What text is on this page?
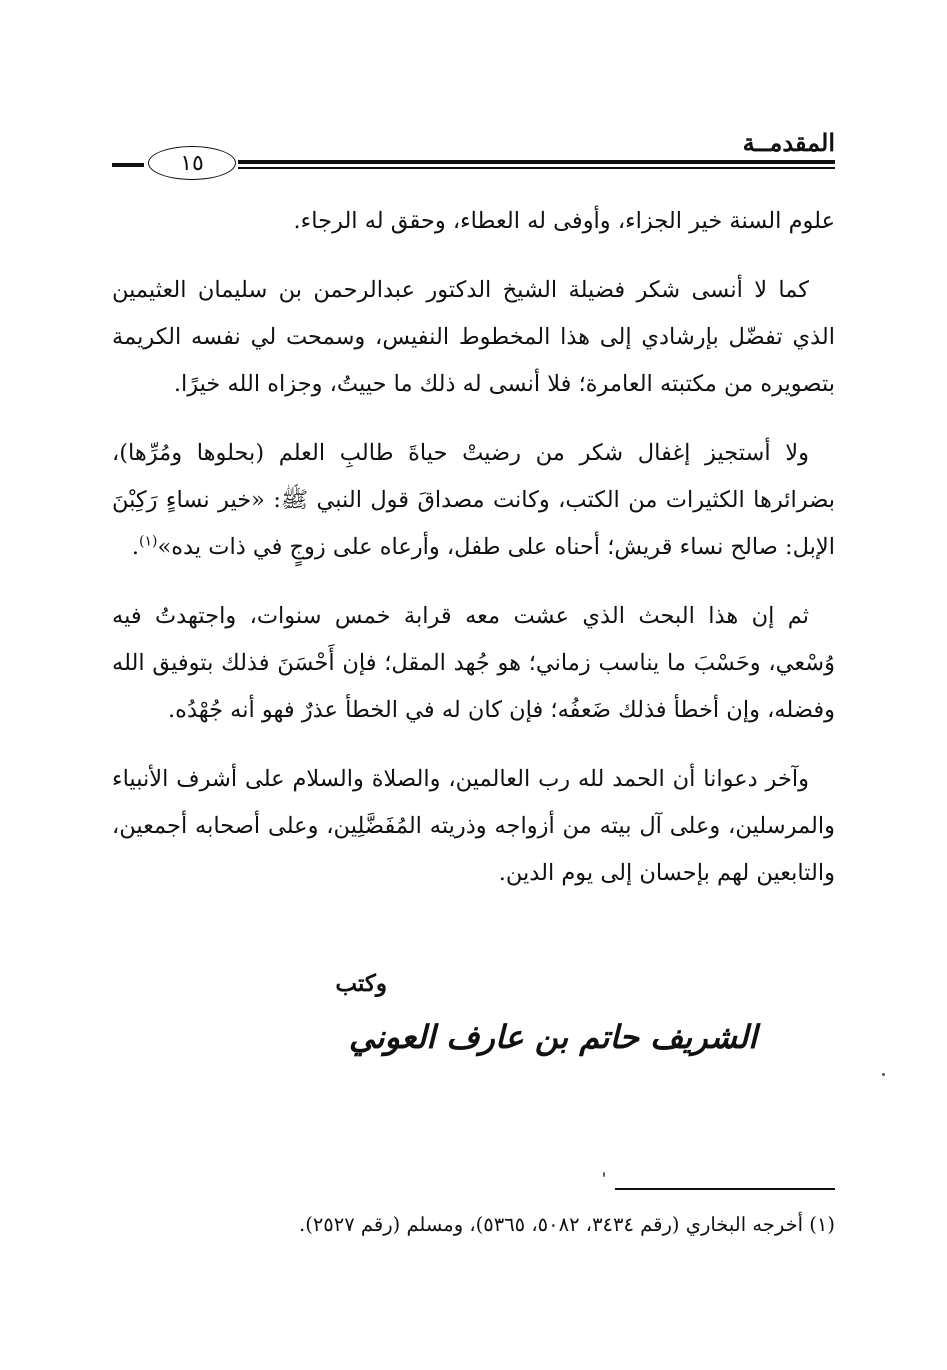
المقدمــة
١٥

علوم السنة خير الجزاء، وأوفى له العطاء، وحقق له الرجاء.

كما لا أنسى شكر فضيلة الشيخ الدكتور عبدالرحمن بن سليمان العثيمين الذي تفضّل بإرشادي إلى هذا المخطوط النفيس، وسمحت لي نفسه الكريمة بتصويره من مكتبته العامرة؛ فلا أنسى له ذلك ما حييتُ، وجزاه الله خيرًا.

ولا أستجيز إغفال شكر من رضيتْ حياةَ طالبِ العلم (بحلوها ومُرِّها)، بضرائرها الكثيرات من الكتب، وكانت مصداقَ قول النبي ﷺ: «خير نساءٍ رَكِبْنَ الإبل: صالح نساء قريش؛ أحناه على طفل، وأرعاه على زوجٍ في ذات يده»$^{(١)}$.

ثم إن هذا البحث الذي عشت معه قرابة خمس سنوات، واجتهدتُ فيه وُسْعي، وحَسْبَ ما يناسب زماني؛ هو جُهد المقل؛ فإن أَحْسَنَ فذلك بتوفيق الله وفضله، وإن أخطأ فذلك ضَعفُه؛ فإن كان له في الخطأ عذرٌ فهو أنه جُهْدُه.

وآخر دعوانا أن الحمد لله رب العالمين، والصلاة والسلام على أشرف الأنبياء والمرسلين، وعلى آل بيته من أزواجه وذريته المُفَضَّلِين، وعلى أصحابه أجمعين، والتابعين لهم بإحسان إلى يوم الدين.

وكتب
الشريف حاتم بن عارف العوني
(١) أخرجه البخاري (رقم ٣٤٣٤، ٥٠٨٢، ٥٣٦٥)، ومسلم (رقم ٢٥٢٧).
